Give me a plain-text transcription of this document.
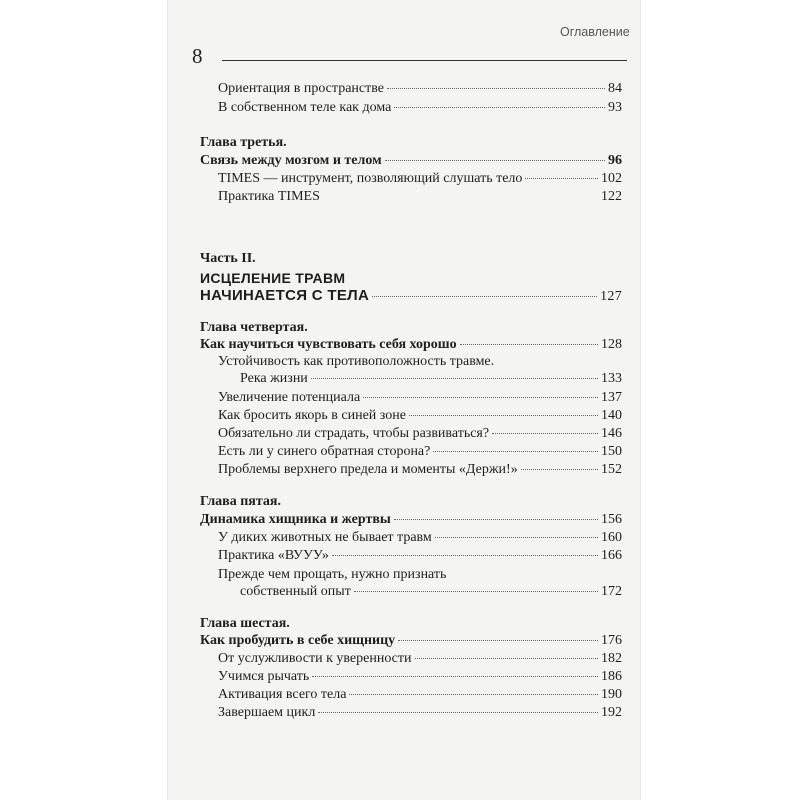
Оглавление
8
Ориентация в пространстве	84
В собственном теле как дома	93
Глава третья.
Связь между мозгом и телом	96
TIMES — инструмент, позволяющий слушать тело	102
Практика TIMES	122
Часть II.
ИСЦЕЛЕНИЕ ТРАВМ
НАЧИНАЕТСЯ С ТЕЛА	127
Глава четвертая.
Как научиться чувствовать себя хорошо	128
Устойчивость как противоположность травме.
Река жизни	133
Увеличение потенциала	137
Как бросить якорь в синей зоне	140
Обязательно ли страдать, чтобы развиваться?	146
Есть ли у синего обратная сторона?	150
Проблемы верхнего предела и моменты «Держи!»	152
Глава пятая.
Динамика хищника и жертвы	156
У диких животных не бывает травм	160
Практика «ВУУУ»	166
Прежде чем прощать, нужно признать
собственный опыт	172
Глава шестая.
Как пробудить в себе хищницу	176
От услужливости к уверенности	182
Учимся рычать	186
Активация всего тела	190
Завершаем цикл	192
